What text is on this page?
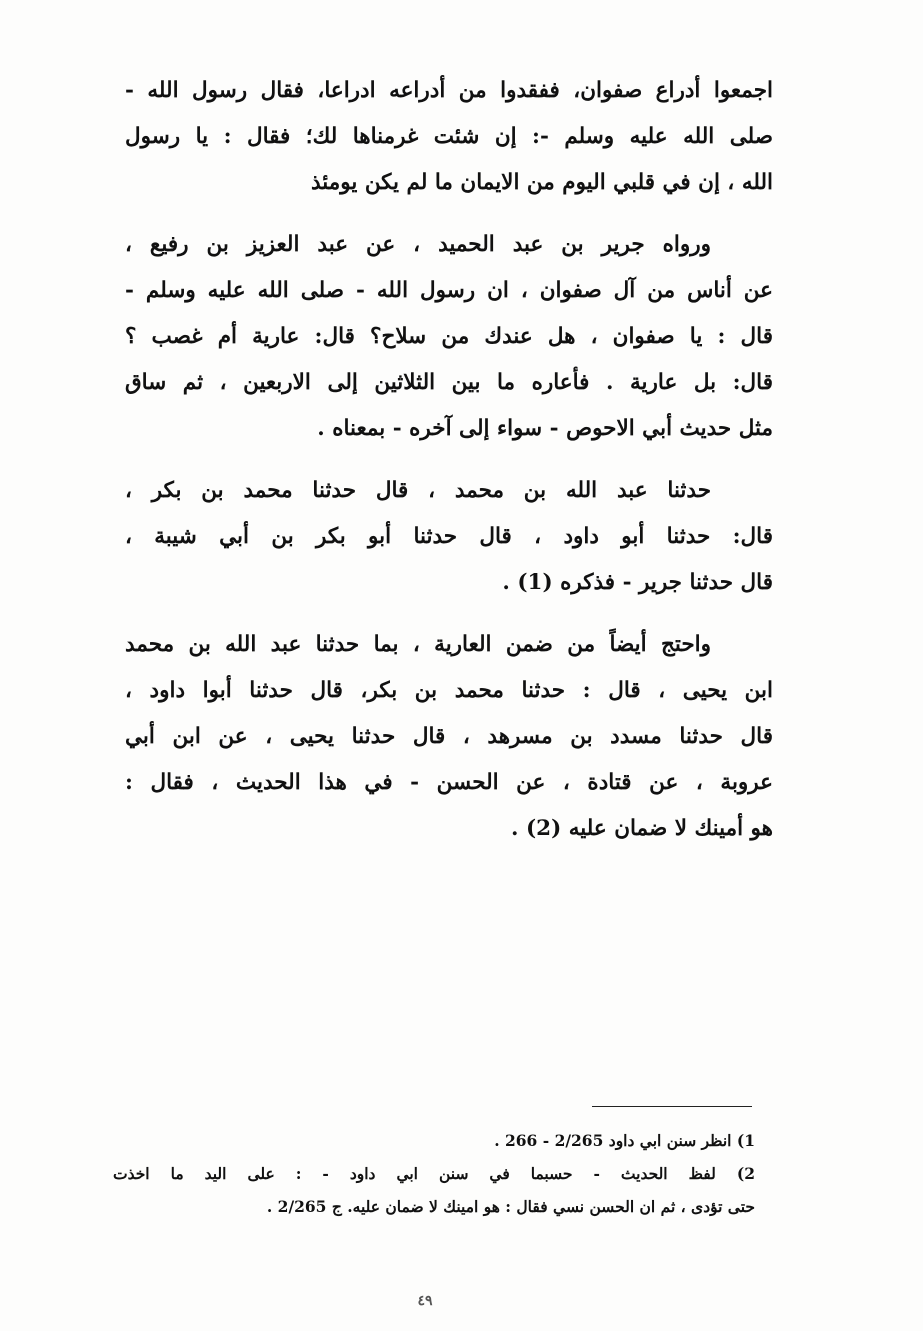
اجمعوا أدراع صفوان، ففقدوا من أدراعه ادراعا، فقال رسول الله -
صلى الله عليه وسلم -: إن شئت غرمناها لك؛ فقال : يا رسول
الله ، إن في قلبي اليوم من الايمان ما لم يكن يومئذ
ورواه جرير بن عبد الحميد ، عن عبد العزيز بن رفيع ،
عن أناس من آل صفوان ، ان رسول الله - صلى الله عليه وسلم -
قال : يا صفوان ، هل عندك من سلاح؟ قال: عارية أم غصب ؟
قال: بل عارية . فأعاره ما بين الثلاثين إلى الاربعين ، ثم ساق
مثل حديث أبي الاحوص - سواء إلى آخره - بمعناه .
حدثنا عبد الله بن محمد ، قال حدثنا محمد بن بكر ،
قال: حدثنا أبو داود ، قال حدثنا أبو بكر بن أبي شيبة ،
قال حدثنا جرير - فذكره (1) .
واحتج أيضاً من ضمن العارية ، بما حدثنا عبد الله بن محمد
ابن يحيى ، قال : حدثنا محمد بن بكر، قال حدثنا أبوا داود ،
قال حدثنا مسدد بن مسرهد ، قال حدثنا يحيى ، عن ابن أبي
عروبة ، عن قتادة ، عن الحسن - في هذا الحديث ، فقال :
هو أمينك لا ضمان عليه (2) .
1) انظر سنن ابي داود 2/265 - 266 .
2) لفظ الحديث - حسبما في سنن ابي داود - : على اليد ما اخذت
حتى تؤدى ، ثم ان الحسن نسي فقال : هو امينك لا ضمان عليه. ج 2/265 .
٤٩
